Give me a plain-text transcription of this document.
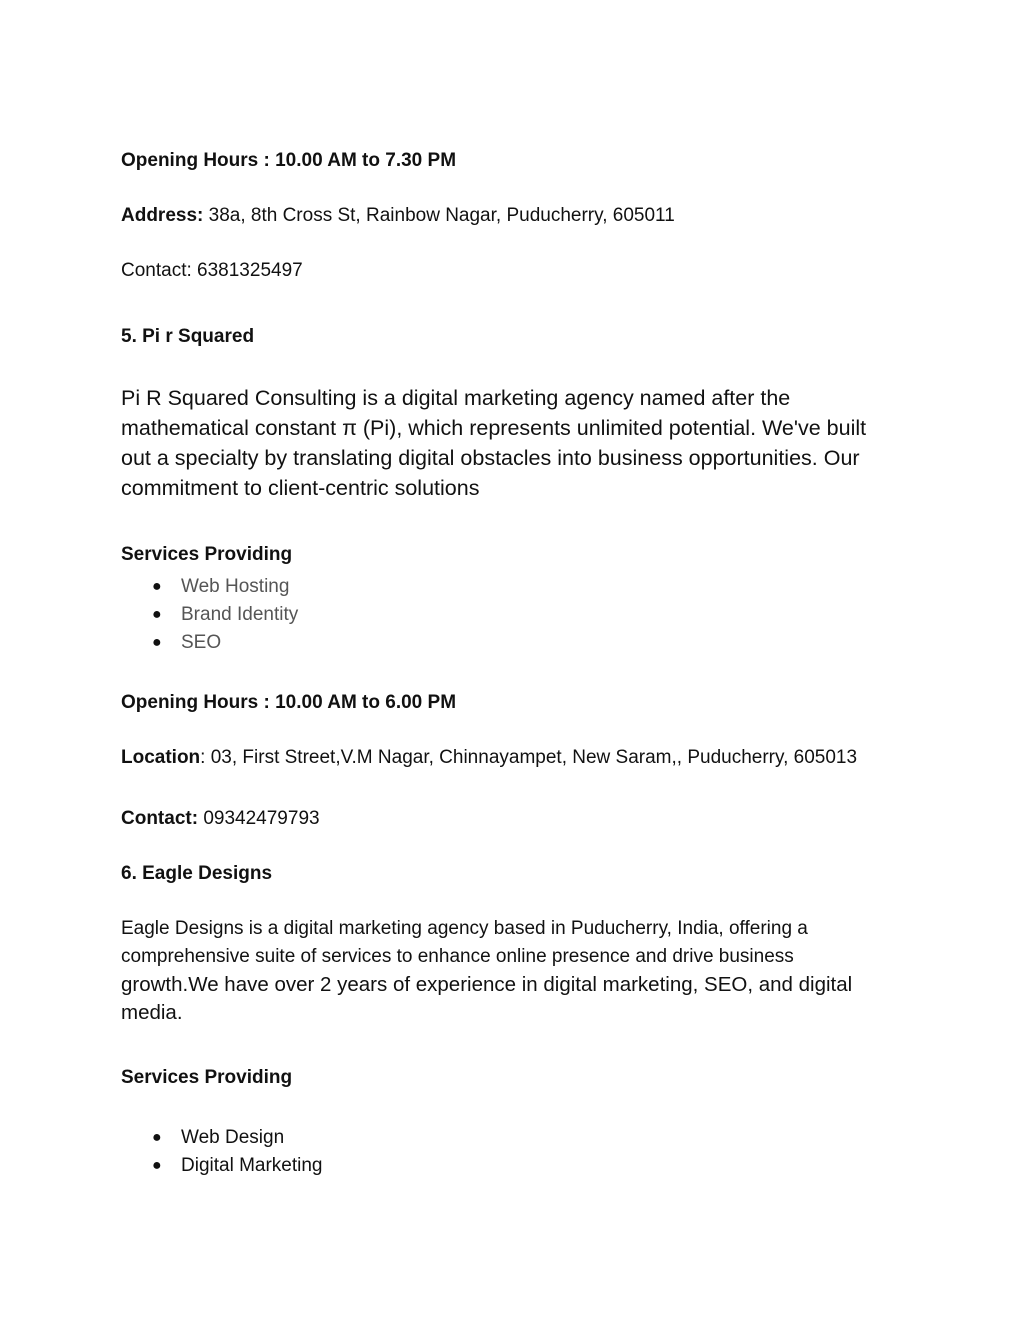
Opening Hours : 10.00 AM to 7.30 PM

Address: 38a, 8th Cross St, Rainbow Nagar, Puducherry, 605011

Contact: 6381325497

5. Pi r Squared

Pi R Squared Consulting is a digital marketing agency named after the
mathematical constant π (Pi), which represents unlimited potential. We've built
out a specialty by translating digital obstacles into business opportunities. Our
commitment to client-centric solutions

Services Providing

● Web Hosting
● Brand Identity
● SEO

Opening Hours : 10.00 AM to 6.00 PM

Location: 03, First Street,V.M Nagar, Chinnayampet, New Saram,, Puducherry, 605013

Contact: 09342479793

6. Eagle Designs

Eagle Designs is a digital marketing agency based in Puducherry, India, offering a
comprehensive suite of services to enhance online presence and drive business
growth.We have over 2 years of experience in digital marketing, SEO, and digital
media.

Services Providing

● Web Design
● Digital Marketing
